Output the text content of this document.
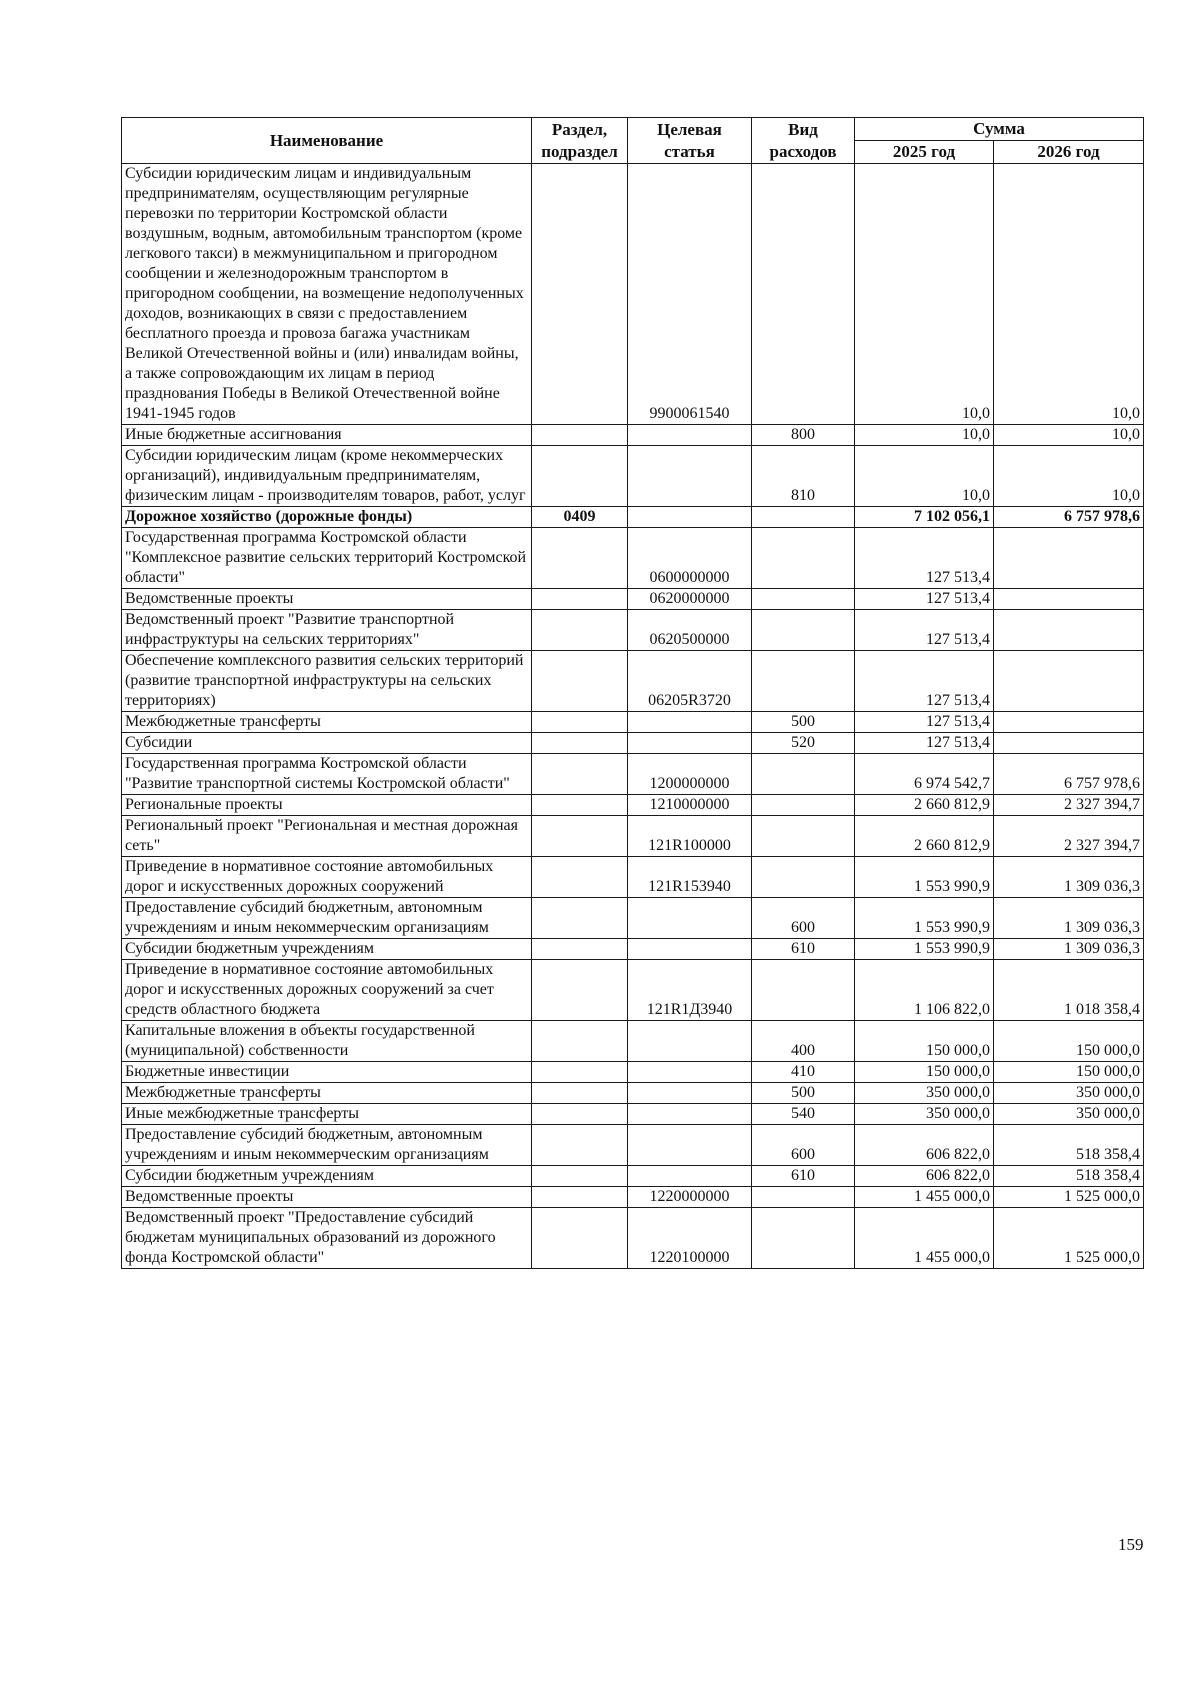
Наименование	Раздел, подраздел	Целевая статья	Вид расходов	Сумма	
				2025 год	2026 год
Субсидии юридическим лицам и индивидуальным предпринимателям, осуществляющим регулярные перевозки по территории Костромской области воздушным, водным, автомобильным транспортом (кроме легкового такси) в межмуниципальном и пригородном сообщении и железнодорожным транспортом в пригородном сообщении, на возмещение недополученных доходов, возникающих в связи с предоставлением бесплатного проезда и провоза багажа участникам Великой Отечественной войны и (или) инвалидам войны, а также сопровождающим их лицам в период празднования Победы в Великой Отечественной войне 1941-1945 годов		9900061540		10,0	10,0
Иные бюджетные ассигнования			800	10,0	10,0
Субсидии юридическим лицам (кроме некоммерческих организаций), индивидуальным предпринимателям, физическим лицам - производителям товаров, работ, услуг			810	10,0	10,0
Дорожное хозяйство (дорожные фонды)	0409			7 102 056,1	6 757 978,6
Государственная программа Костромской области "Комплексное развитие сельских территорий Костромской области"		0600000000		127 513,4	
Ведомственные проекты		0620000000		127 513,4	
Ведомственный проект "Развитие транспортной инфраструктуры на сельских территориях"		0620500000		127 513,4	
Обеспечение комплексного развития сельских территорий (развитие транспортной инфраструктуры на сельских территориях)		06205R3720		127 513,4	
Межбюджетные трансферты			500	127 513,4	
Субсидии			520	127 513,4	
Государственная программа Костромской области "Развитие транспортной системы Костромской области"		1200000000		6 974 542,7	6 757 978,6
Региональные проекты		1210000000		2 660 812,9	2 327 394,7
Региональный проект "Региональная и местная дорожная сеть"		121R100000		2 660 812,9	2 327 394,7
Приведение в нормативное состояние автомобильных дорог и искусственных дорожных сооружений		121R153940		1 553 990,9	1 309 036,3
Предоставление субсидий бюджетным, автономным учреждениям и иным некоммерческим организациям			600	1 553 990,9	1 309 036,3
Субсидии бюджетным учреждениям			610	1 553 990,9	1 309 036,3
Приведение в нормативное состояние автомобильных дорог и искусственных дорожных сооружений за счет средств областного бюджета		121R1Д3940		1 106 822,0	1 018 358,4
Капитальные вложения в объекты государственной (муниципальной) собственности			400	150 000,0	150 000,0
Бюджетные инвестиции			410	150 000,0	150 000,0
Межбюджетные трансферты			500	350 000,0	350 000,0
Иные межбюджетные трансферты			540	350 000,0	350 000,0
Предоставление субсидий бюджетным, автономным учреждениям и иным некоммерческим организациям			600	606 822,0	518 358,4
Субсидии бюджетным учреждениям			610	606 822,0	518 358,4
Ведомственные проекты		1220000000		1 455 000,0	1 525 000,0
Ведомственный проект "Предоставление субсидий бюджетам муниципальных образований из дорожного фонда Костромской области"		1220100000		1 455 000,0	1 525 000,0
159
